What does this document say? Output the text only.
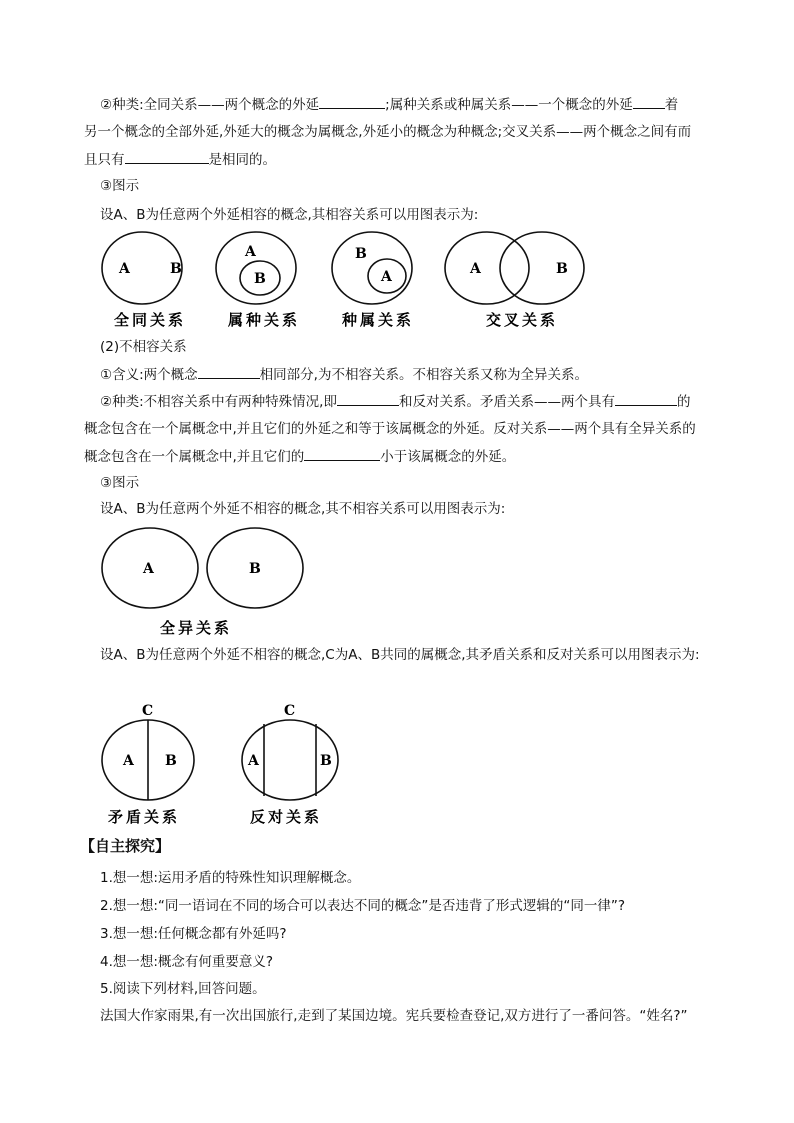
②种类:全同关系——两个概念的外延	;属种关系或种属关系——一个概念的外延 着
另一个概念的全部外延,外延大的概念为属概念,外延小的概念为种概念;交叉关系——两个概念之间有而
且只有	是相同的。
③图示
设A、B为任意两个外延相容的概念,其相容关系可以用图表示为:
A	B
全同关系
A
B
属种关系
B
A
种属关系
A	B
交叉关系
(2)不相容关系
①含义:两个概念	相同部分,为不相容关系。不相容关系又称为全异关系。
②种类:不相容关系中有两种特殊情况,即	和反对关系。矛盾关系——两个具有	的
概念包含在一个属概念中,并且它们的外延之和等于该属概念的外延。反对关系——两个具有全异关系的
概念包含在一个属概念中,并且它们的	小于该属概念的外延。
③图示
设A、B为任意两个外延不相容的概念,其不相容关系可以用图表示为:
A	B
全异关系
设A、B为任意两个外延不相容的概念,C为A、B共同的属概念,其矛盾关系和反对关系可以用图表示为:
C
A B
矛盾关系
C
A	B
反对关系
【自主探究】
1.想一想:运用矛盾的特殊性知识理解概念。
2.想一想:“同一语词在不同的场合可以表达不同的概念”是否违背了形式逻辑的“同一律”?
3.想一想:任何概念都有外延吗?
4.想一想:概念有何重要意义?
5.阅读下列材料,回答问题。
法国大作家雨果,有一次出国旅行,走到了某国边境。宪兵要检查登记,双方进行了一番问答。“姓名?”
